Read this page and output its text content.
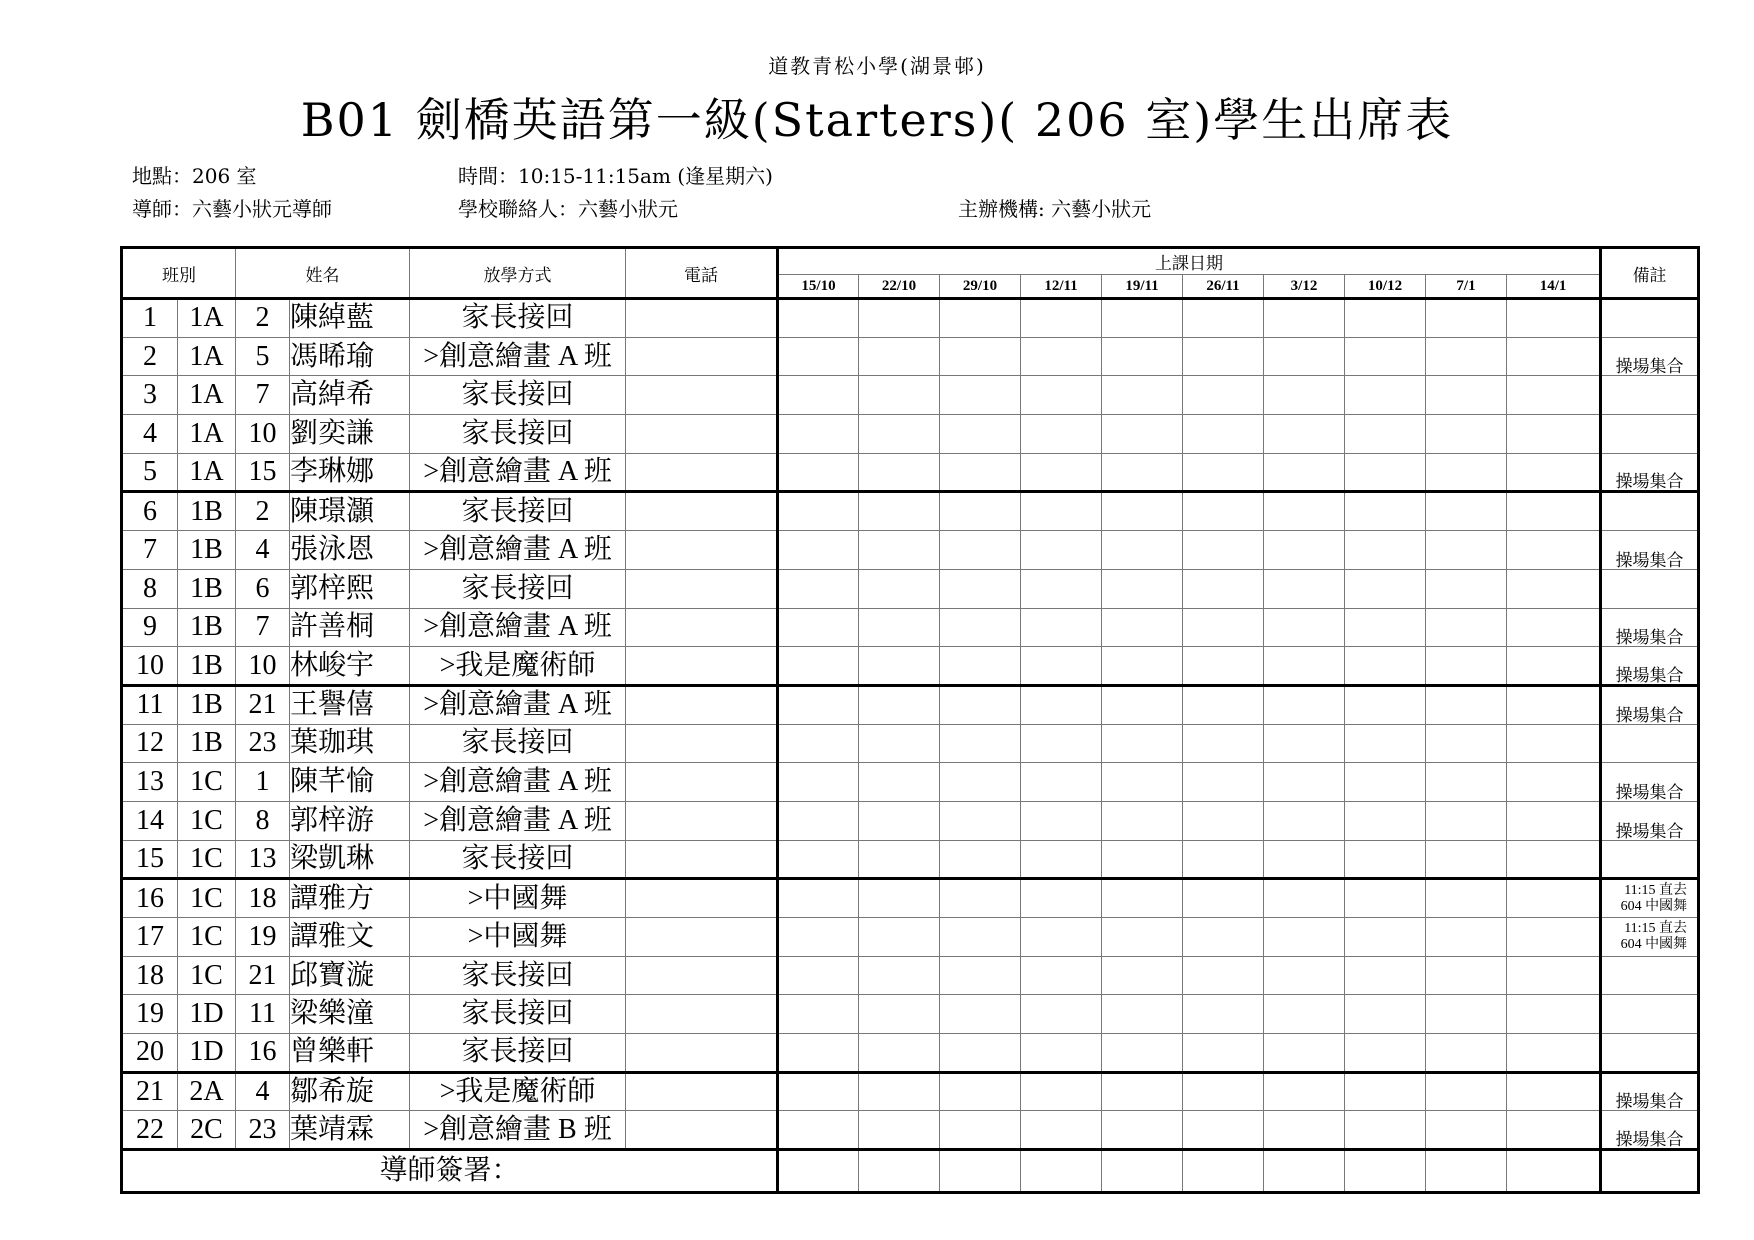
道教青松小學(湖景邨)
B01 劍橋英語第一級(Starters)( 206 室)學生出席表
地點：206 室	時間：10:15-11:15am (逢星期六)
導師：六藝小狀元導師	學校聯絡人：六藝小狀元	主辦機構: 六藝小狀元
班別		姓名		放學方式	電話	上課日期										備註
						15/10	22/10	29/10	12/11	19/11	26/11	3/12	10/12	7/1	14/1	
1	1A	2	陳綽藍	家長接回												
2	1A	5	馮晞瑜	>創意繪畫 A 班												操場集合
3	1A	7	高綽希	家長接回												
4	1A	10	劉奕謙	家長接回												
5	1A	15	李琳娜	>創意繪畫 A 班												操場集合
6	1B	2	陳璟灝	家長接回												
7	1B	4	張泳恩	>創意繪畫 A 班												操場集合
8	1B	6	郭梓熙	家長接回												
9	1B	7	許善桐	>創意繪畫 A 班												操場集合
10	1B	10	林峻宇	>我是魔術師												操場集合
11	1B	21	王譽僖	>創意繪畫 A 班												操場集合
12	1B	23	葉珈琪	家長接回												
13	1C	1	陳芊愉	>創意繪畫 A 班												操場集合
14	1C	8	郭梓游	>創意繪畫 A 班												操場集合
15	1C	13	梁凱琳	家長接回												
16	1C	18	譚雅方	>中國舞												11:15 直去
604 中國舞
17	1C	19	譚雅文	>中國舞												11:15 直去
604 中國舞
18	1C	21	邱寶漩	家長接回												
19	1D	11	梁樂潼	家長接回												
20	1D	16	曾樂軒	家長接回												
21	2A	4	鄒希旋	>我是魔術師												操場集合
22	2C	23	葉靖霖	>創意繪畫 B 班												操場集合
導師簽署：																
